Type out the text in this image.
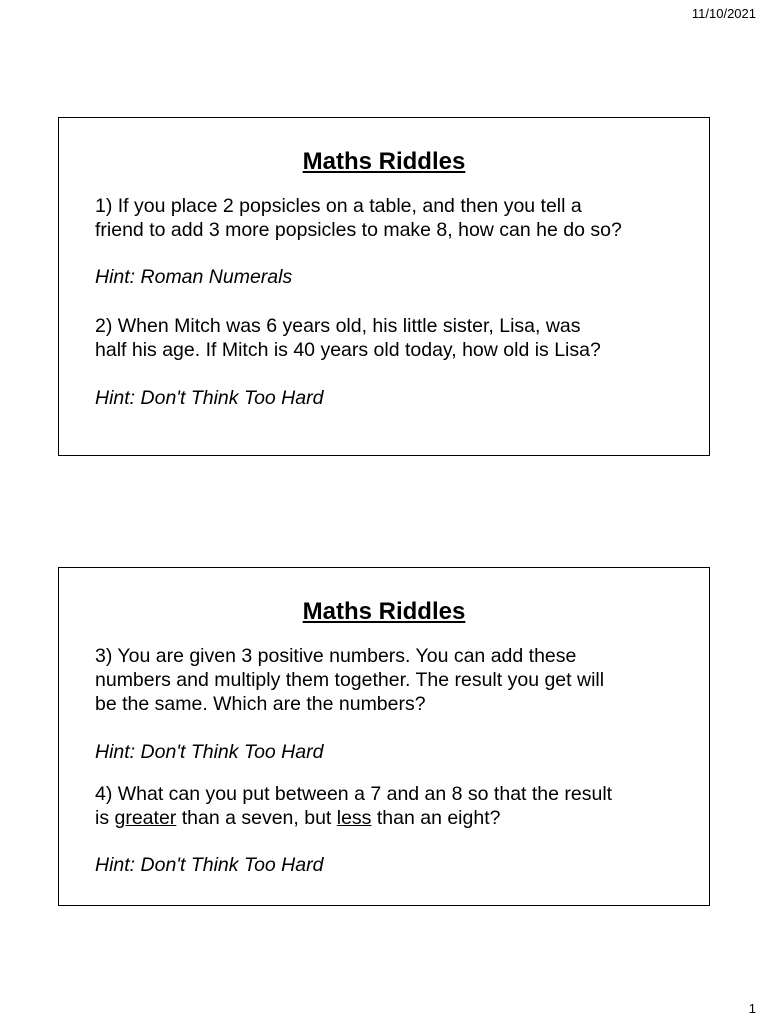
11/10/2021
Maths Riddles
1) If you place 2 popsicles on a table, and then you tell a
friend to add 3 more popsicles to make 8, how can he do so?
Hint: Roman Numerals
2) When Mitch was 6 years old, his little sister, Lisa, was
half his age. If Mitch is 40 years old today, how old is Lisa?
Hint: Don't Think Too Hard
Maths Riddles
3) You are given 3 positive numbers. You can add these
numbers and multiply them together. The result you get will
be the same. Which are the numbers?
Hint: Don't Think Too Hard
4) What can you put between a 7 and an 8 so that the result
is greater than a seven, but less than an eight?
Hint: Don't Think Too Hard
1
